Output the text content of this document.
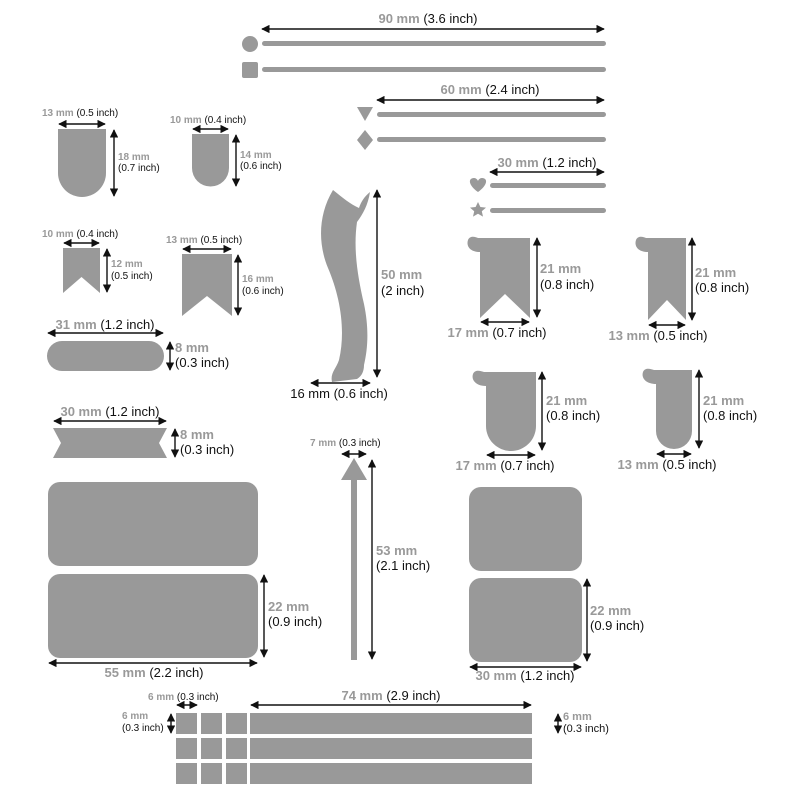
90 mm (3.6 inch)
60 mm (2.4 inch)
30 mm (1.2 inch)
13 mm (0.5 inch)
18 mm
(0.7 inch)
10 mm (0.4 inch)
14 mm
(0.6 inch)
10 mm (0.4 inch)
12 mm
(0.5 inch)
13 mm (0.5 inch)
16 mm
(0.6 inch)
31 mm (1.2 inch)
8 mm
(0.3 inch)
30 mm (1.2 inch)
8 mm
(0.3 inch)
55 mm (2.2 inch)
22 mm
(0.9 inch)
50 mm
(2 inch)
16 mm (0.6 inch)
7 mm (0.3 inch)
53 mm
(2.1 inch)
21 mm
(0.8 inch)
17 mm (0.7 inch)
21 mm
(0.8 inch)
13 mm (0.5 inch)
21 mm
(0.8 inch)
17 mm (0.7 inch)
21 mm
(0.8 inch)
13 mm (0.5 inch)
30 mm (1.2 inch)
22 mm
(0.9 inch)
6 mm (0.3 inch)
6 mm
(0.3 inch)
74 mm (2.9 inch)
6 mm
(0.3 inch)
